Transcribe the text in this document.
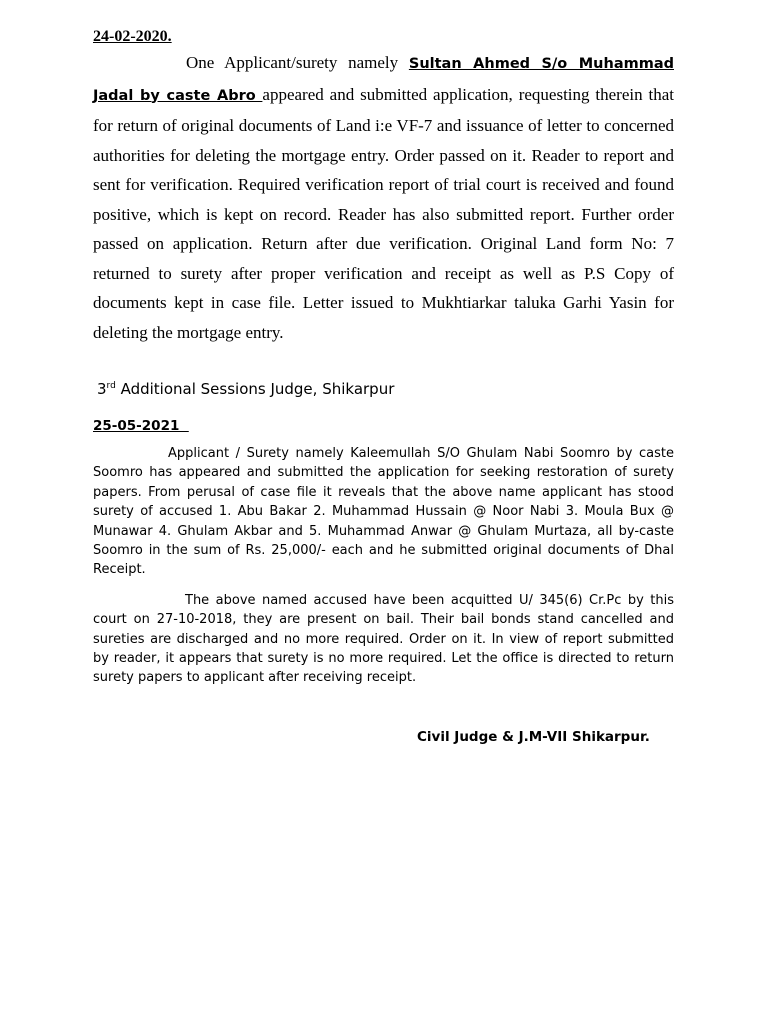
24-02-2020.

One Applicant/surety namely Sultan Ahmed S/o Muhammad Jadal by caste Abro appeared and submitted application, requesting therein that for return of original documents of Land i:e VF-7 and issuance of letter to concerned authorities for deleting the mortgage entry. Order passed on it. Reader to report and sent for verification. Required verification report of trial court is received and found positive, which is kept on record. Reader has also submitted report. Further order passed on application. Return after due verification. Original Land form No: 7 returned to surety after proper verification and receipt as well as P.S Copy of documents kept in case file. Letter issued to Mukhtiarkar taluka Garhi Yasin for deleting the mortgage entry.

3rd Additional Sessions Judge, Shikarpur

25-05-2021

Applicant / Surety namely Kaleemullah S/O Ghulam Nabi Soomro by caste Soomro has appeared and submitted the application for seeking restoration of surety papers. From perusal of case file it reveals that the above name applicant has stood surety of accused 1. Abu Bakar 2. Muhammad Hussain @ Noor Nabi 3. Moula Bux @ Munawar 4. Ghulam Akbar and 5. Muhammad Anwar @ Ghulam Murtaza, all by-caste Soomro in the sum of Rs. 25,000/- each and he submitted original documents of Dhal Receipt.

The above named accused have been acquitted U/ 345(6) Cr.Pc by this court on 27-10-2018, they are present on bail. Their bail bonds stand cancelled and sureties are discharged and no more required. Order on it. In view of report submitted by reader, it appears that surety is no more required. Let the office is directed to return surety papers to applicant after receiving receipt.

Civil Judge & J.M-VII Shikarpur.
